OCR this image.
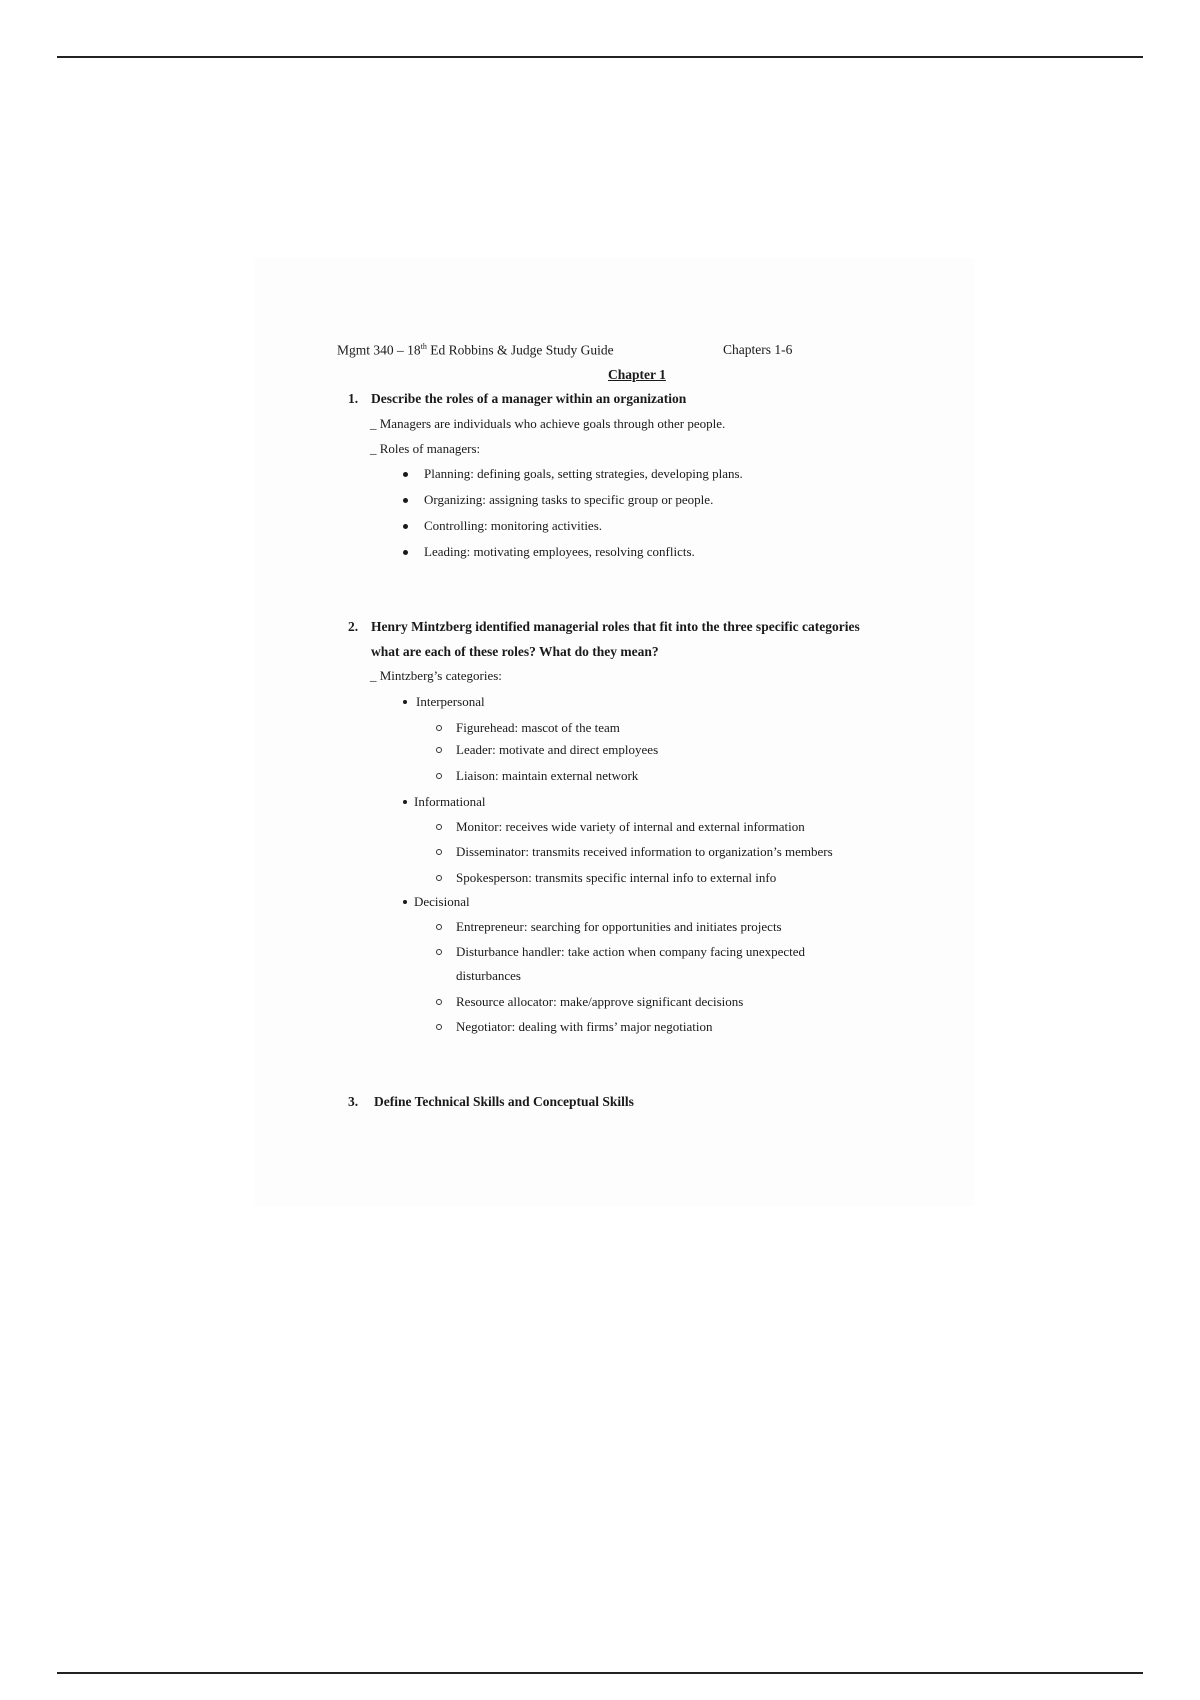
Mgmt 340 – 18th Ed Robbins & Judge Study Guide	Chapters 1-6
Chapter 1
1. Describe the roles of a manager within an organization
_ Managers are individuals who achieve goals through other people.
_ Roles of managers:
Planning: defining goals, setting strategies, developing plans.
Organizing: assigning tasks to specific group or people.
Controlling: monitoring activities.
Leading: motivating employees, resolving conflicts.
2. Henry Mintzberg identified managerial roles that fit into the three specific categories
what are each of these roles? What do they mean?
_ Mintzberg’s categories:
Interpersonal
Figurehead: mascot of the team
Leader: motivate and direct employees
Liaison: maintain external network
Informational
Monitor: receives wide variety of internal and external information
Disseminator: transmits received information to organization’s members
Spokesperson: transmits specific internal info to external info
Decisional
Entrepreneur: searching for opportunities and initiates projects
Disturbance handler: take action when company facing unexpected
disturbances
Resource allocator: make/approve significant decisions
Negotiator: dealing with firms’ major negotiation
3. Define Technical Skills and Conceptual Skills
